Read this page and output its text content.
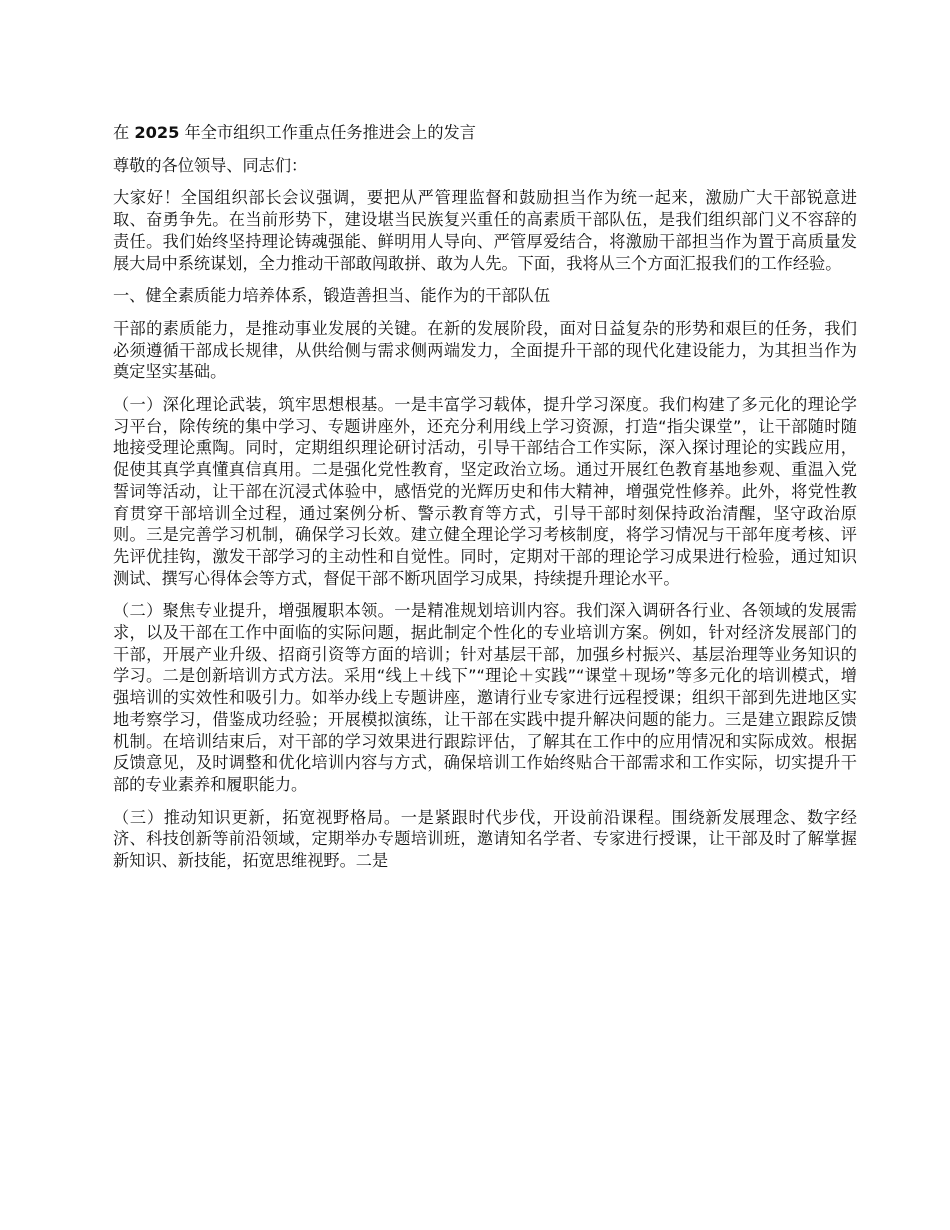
在 2025 年全市组织工作重点任务推进会上的发言

尊敬的各位领导、同志们：

大家好！全国组织部长会议强调，要把从严管理监督和鼓励担当作为统一起来，激励广大干部锐意进取、奋勇争先。在当前形势下，建设堪当民族复兴重任的高素质干部队伍，是我们组织部门义不容辞的责任。我们始终坚持理论铸魂强能、鲜明用人导向、严管厚爱结合，将激励干部担当作为置于高质量发展大局中系统谋划，全力推动干部敢闯敢拼、敢为人先。下面，我将从三个方面汇报我们的工作经验。

一、健全素质能力培养体系，锻造善担当、能作为的干部队伍

干部的素质能力，是推动事业发展的关键。在新的发展阶段，面对日益复杂的形势和艰巨的任务，我们必须遵循干部成长规律，从供给侧与需求侧两端发力，全面提升干部的现代化建设能力，为其担当作为奠定坚实基础。

（一）深化理论武装，筑牢思想根基。一是丰富学习载体，提升学习深度。我们构建了多元化的理论学习平台，除传统的集中学习、专题讲座外，还充分利用线上学习资源，打造“指尖课堂”，让干部随时随地接受理论熏陶。同时，定期组织理论研讨活动，引导干部结合工作实际，深入探讨理论的实践应用，促使其真学真懂真信真用。二是强化党性教育，坚定政治立场。通过开展红色教育基地参观、重温入党誓词等活动，让干部在沉浸式体验中，感悟党的光辉历史和伟大精神，增强党性修养。此外，将党性教育贯穿干部培训全过程，通过案例分析、警示教育等方式，引导干部时刻保持政治清醒，坚守政治原则。三是完善学习机制，确保学习长效。建立健全理论学习考核制度，将学习情况与干部年度考核、评先评优挂钩，激发干部学习的主动性和自觉性。同时，定期对干部的理论学习成果进行检验，通过知识测试、撰写心得体会等方式，督促干部不断巩固学习成果，持续提升理论水平。

（二）聚焦专业提升，增强履职本领。一是精准规划培训内容。我们深入调研各行业、各领域的发展需求，以及干部在工作中面临的实际问题，据此制定个性化的专业培训方案。例如，针对经济发展部门的干部，开展产业升级、招商引资等方面的培训；针对基层干部，加强乡村振兴、基层治理等业务知识的学习。二是创新培训方式方法。采用“线上＋线下”“理论＋实践”“课堂＋现场”等多元化的培训模式，增强培训的实效性和吸引力。如举办线上专题讲座，邀请行业专家进行远程授课；组织干部到先进地区实地考察学习，借鉴成功经验；开展模拟演练，让干部在实践中提升解决问题的能力。三是建立跟踪反馈机制。在培训结束后，对干部的学习效果进行跟踪评估，了解其在工作中的应用情况和实际成效。根据反馈意见，及时调整和优化培训内容与方式，确保培训工作始终贴合干部需求和工作实际，切实提升干部的专业素养和履职能力。

（三）推动知识更新，拓宽视野格局。一是紧跟时代步伐，开设前沿课程。围绕新发展理念、数字经济、科技创新等前沿领域，定期举办专题培训班，邀请知名学者、专家进行授课，让干部及时了解掌握新知识、新技能，拓宽思维视野。二是
